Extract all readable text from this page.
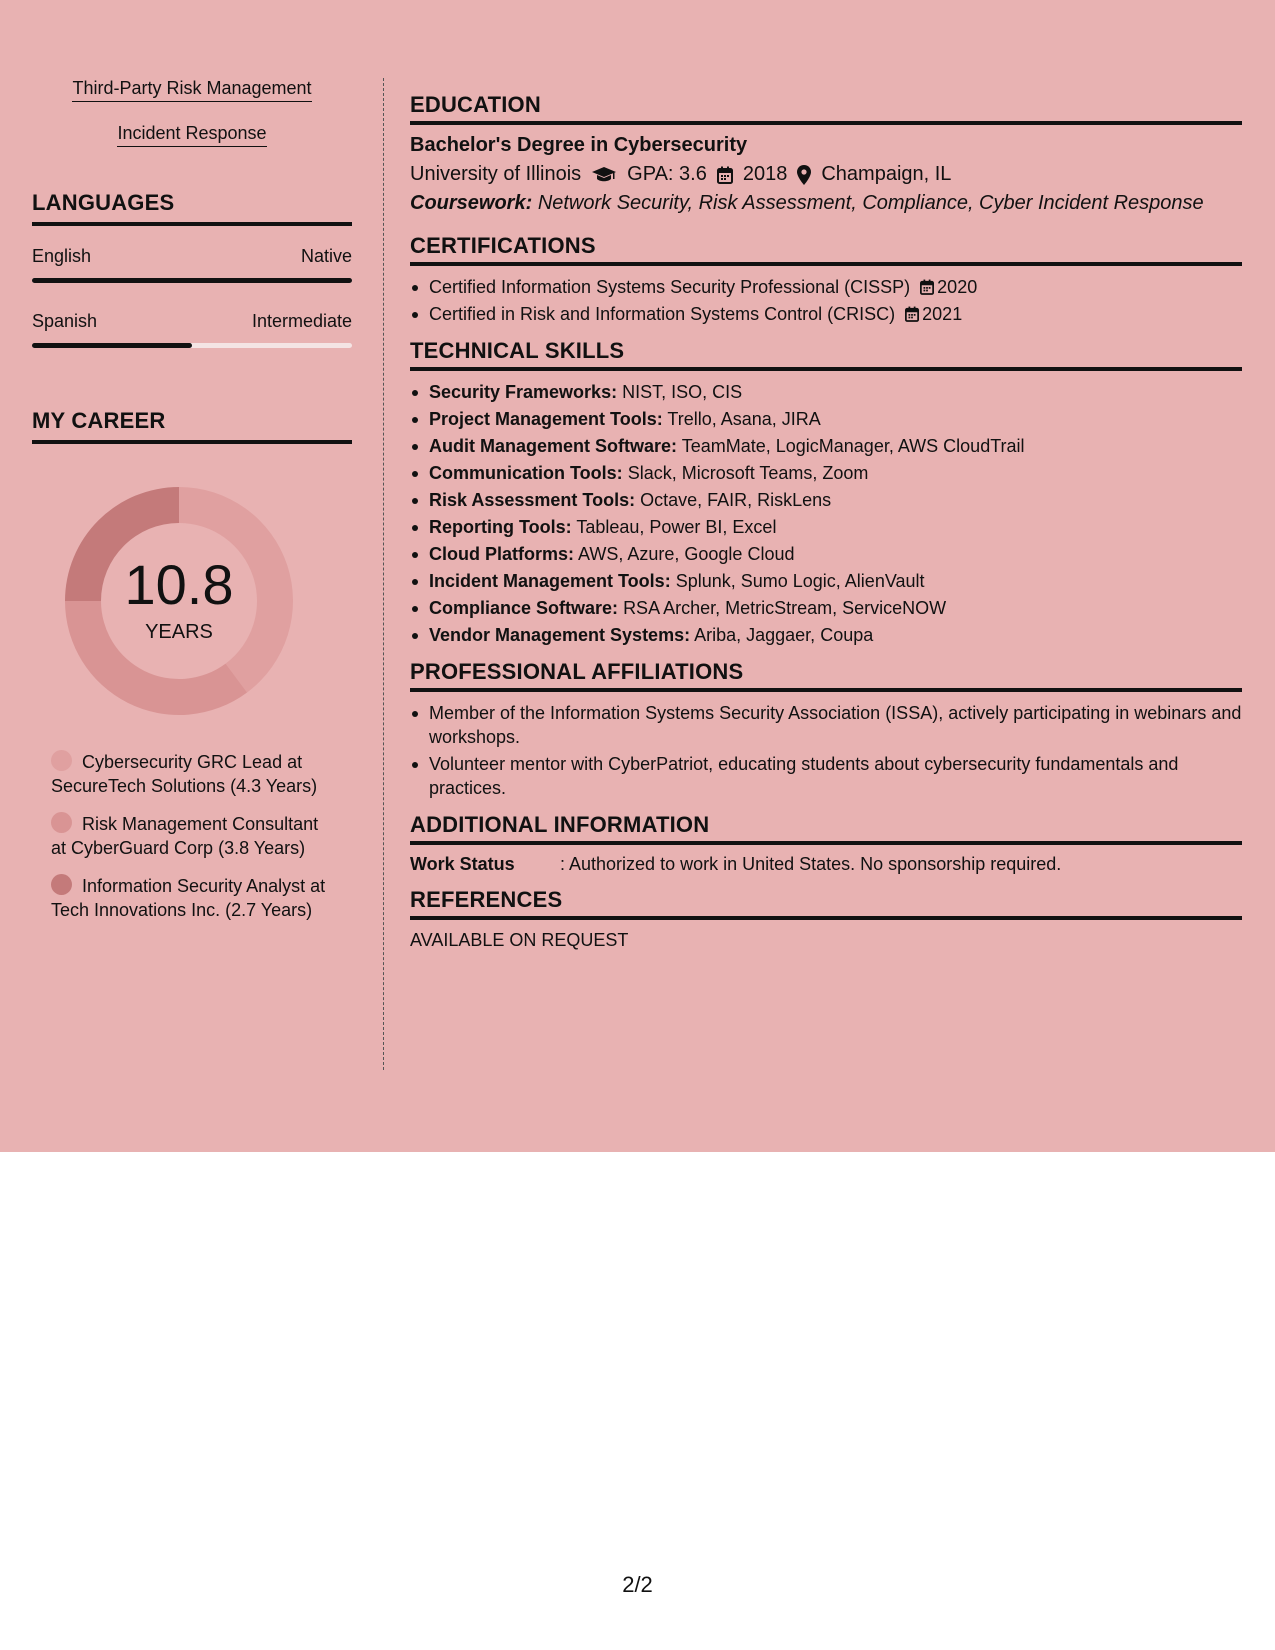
Third-Party Risk Management
Incident Response
LANGUAGES
English	Native
Spanish	Intermediate
MY CAREER
10.8
YEARS
Cybersecurity GRC Lead at SecureTech Solutions (4.3 Years)
Risk Management Consultant at CyberGuard Corp (3.8 Years)
Information Security Analyst at Tech Innovations Inc. (2.7 Years)
EDUCATION
Bachelor's Degree in Cybersecurity
University of Illinois GPA: 3.6 2018 Champaign, IL
Coursework: Network Security, Risk Assessment, Compliance, Cyber Incident Response
CERTIFICATIONS
Certified Information Systems Security Professional (CISSP) 2020
Certified in Risk and Information Systems Control (CRISC) 2021
TECHNICAL SKILLS
Security Frameworks: NIST, ISO, CIS
Project Management Tools: Trello, Asana, JIRA
Audit Management Software: TeamMate, LogicManager, AWS CloudTrail
Communication Tools: Slack, Microsoft Teams, Zoom
Risk Assessment Tools: Octave, FAIR, RiskLens
Reporting Tools: Tableau, Power BI, Excel
Cloud Platforms: AWS, Azure, Google Cloud
Incident Management Tools: Splunk, Sumo Logic, AlienVault
Compliance Software: RSA Archer, MetricStream, ServiceNOW
Vendor Management Systems: Ariba, Jaggaer, Coupa
PROFESSIONAL AFFILIATIONS
Member of the Information Systems Security Association (ISSA), actively participating in webinars and workshops.
Volunteer mentor with CyberPatriot, educating students about cybersecurity fundamentals and practices.
ADDITIONAL INFORMATION
Work Status	: Authorized to work in United States. No sponsorship required.
REFERENCES
AVAILABLE ON REQUEST
2/2
